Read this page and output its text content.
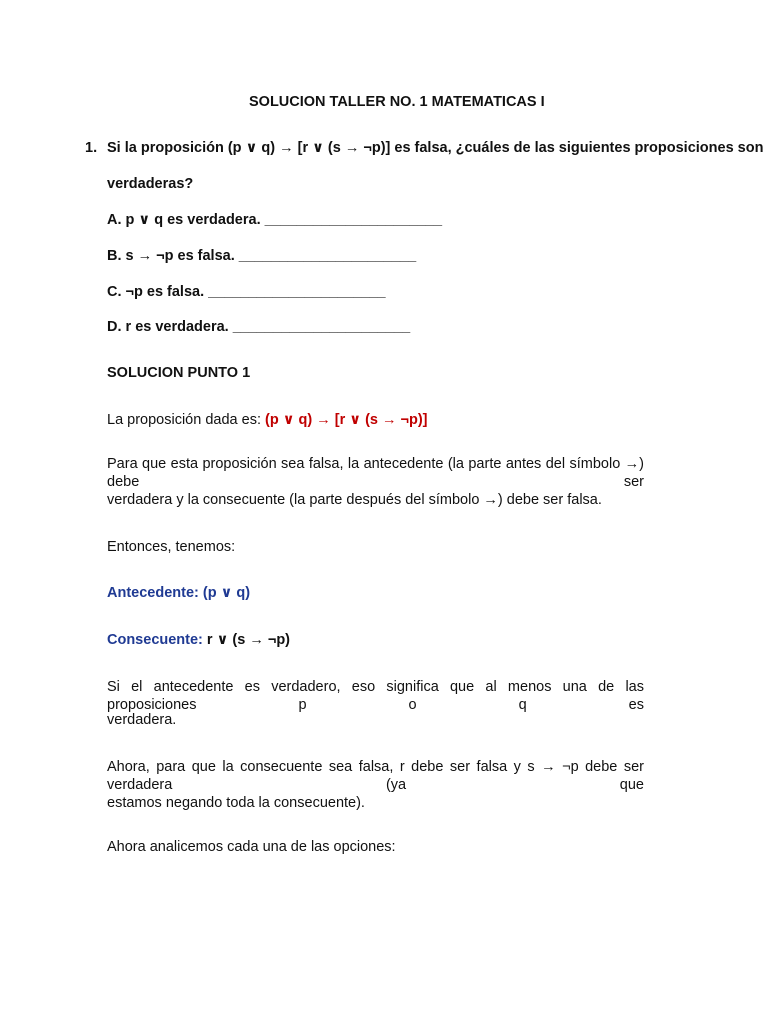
SOLUCION TALLER NO. 1 MATEMATICAS I
1. Si la proposición (p ∨ q) → [r ∨ (s → ¬p)] es falsa, ¿cuáles de las siguientes proposiciones son
verdaderas?
A. p ∨ q es verdadera. ______________________
B. s → ¬p es falsa. ______________________
C. ¬p es falsa. ______________________
D. r es verdadera. ______________________
SOLUCION PUNTO 1
La proposición dada es: (p ∨ q) → [r ∨ (s → ¬p)]
Para que esta proposición sea falsa, la antecedente (la parte antes del símbolo →) debe ser
verdadera y la consecuente (la parte después del símbolo →) debe ser falsa.
Entonces, tenemos:
Antecedente: (p ∨ q)
Consecuente: r ∨ (s → ¬p)
Si el antecedente es verdadero, eso significa que al menos una de las proposiciones p o q es
verdadera.
Ahora, para que la consecuente sea falsa, r debe ser falsa y s → ¬p debe ser verdadera (ya que
estamos negando toda la consecuente).
Ahora analicemos cada una de las opciones:
